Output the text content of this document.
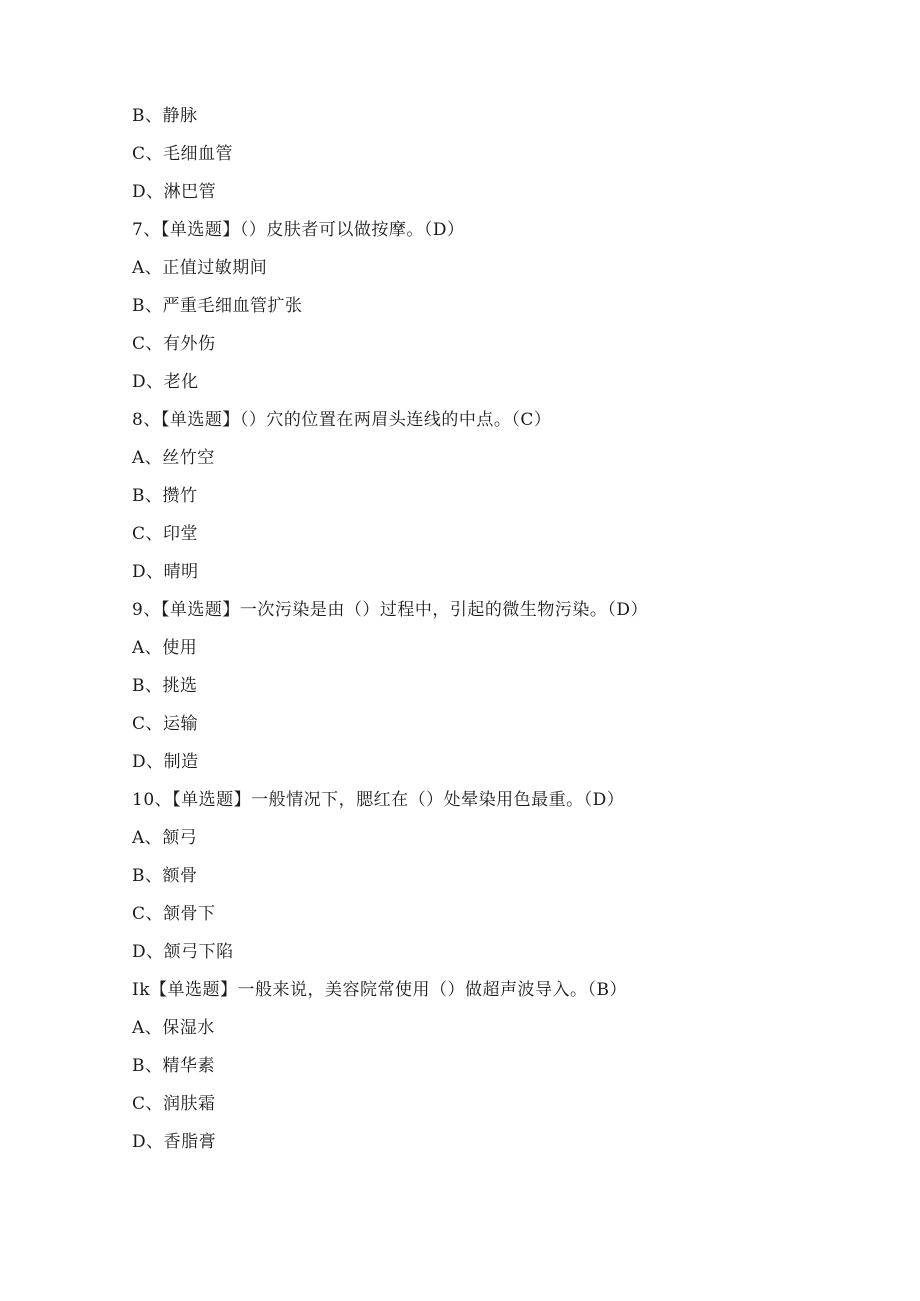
B、静脉
C、毛细血管
D、淋巴管
7、【单选题】（）皮肤者可以做按摩。（D）
A、正值过敏期间
B、严重毛细血管扩张
C、有外伤
D、老化
8、【单选题】（）穴的位置在两眉头连线的中点。（C）
A、丝竹空
B、攒竹
C、印堂
D、晴明
9、【单选题】一次污染是由（）过程中，引起的微生物污染。（D）
A、使用
B、挑选
C、运输
D、制造
10、【单选题】一般情况下，腮红在（）处晕染用色最重。（D）
A、颔弓
B、额骨
C、颔骨下
D、颔弓下陷
Ik【单选题】一般来说，美容院常使用（）做超声波导入。（B）
A、保湿水
B、精华素
C、润肤霜
D、香脂膏
